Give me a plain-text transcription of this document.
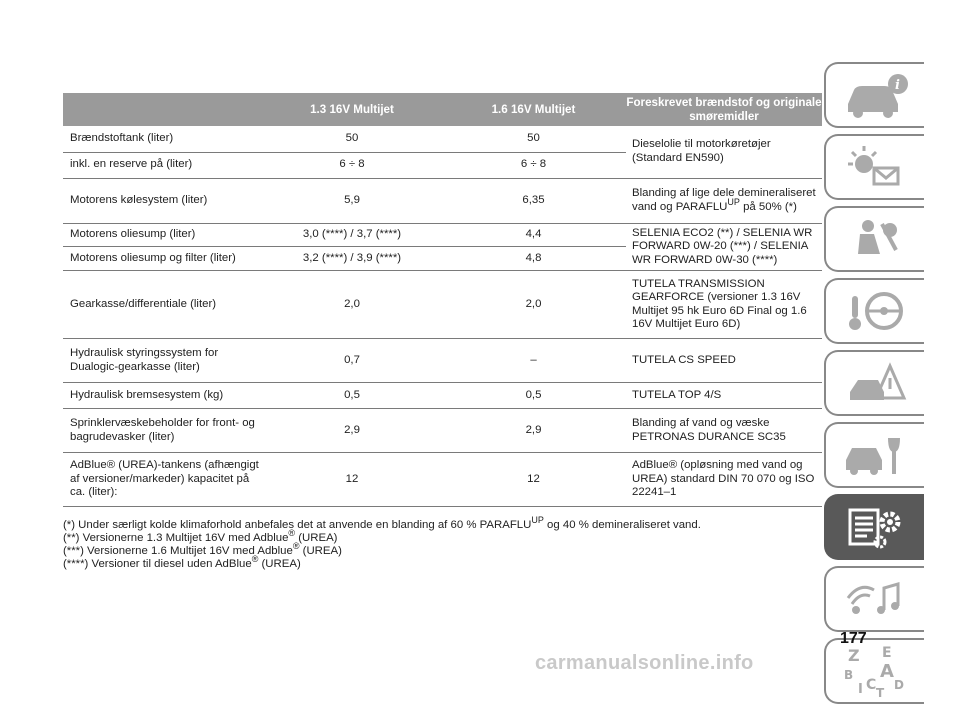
	1.3 16V Multijet	1.6 16V Multijet	Foreskrevet brændstof og originale smøremidler
Brændstoftank (liter)	50	50	Dieselolie til motorkøretøjer (Standard EN590)
inkl. en reserve på (liter)	6 ÷ 8	6 ÷ 8	
Motorens kølesystem (liter)	5,9	6,35	Blanding af lige dele demineraliseret vand og $PARAFLU^{UP}$ på 50% (*)
Motorens oliesump (liter)	3,0 (****) / 3,7 (****)	4,4	SELENIA ECO2 (**) / SELENIA WR FORWARD 0W-20 (***) / SELENIA WR FORWARD 0W-30 (****)
Motorens oliesump og filter (liter)	3,2 (****) / 3,9 (****)	4,8	
Gearkasse/differentiale (liter)	2,0	2,0	TUTELA TRANSMISSION GEARFORCE (versioner 1.3 16V Multijet 95 hk Euro 6D Final og 1.6 16V Multijet Euro 6D)
Hydraulisk styringssystem for Dualogic-gearkasse (liter)	0,7	–	TUTELA CS SPEED
Hydraulisk bremsesystem (kg)	0,5	0,5	TUTELA TOP 4/S
Sprinklervæskebeholder for front- og bagrudevasker (liter)	2,9	2,9	Blanding af vand og væske PETRONAS DURANCE SC35
AdBlue® (UREA)-tankens (afhængigt af versioner/markeder) kapacitet på ca. (liter):	12	12	AdBlue® (opløsning med vand og UREA) standard DIN 70 070 og ISO 22241–1
(*) Under særligt kolde klimaforhold anbefales det at anvende en blanding af 60 % $PARAFLU^{UP}$ og 40 % demineraliseret vand.
(**) Versionerne 1.3 Multijet 16V med Adblue® (UREA)
(***) Versionerne 1.6 Multijet 16V med Adblue® (UREA)
(****) Versioner til diesel uden AdBlue® (UREA)
i
Z E
B A
I C D
T
177
carmanualsonline.info
